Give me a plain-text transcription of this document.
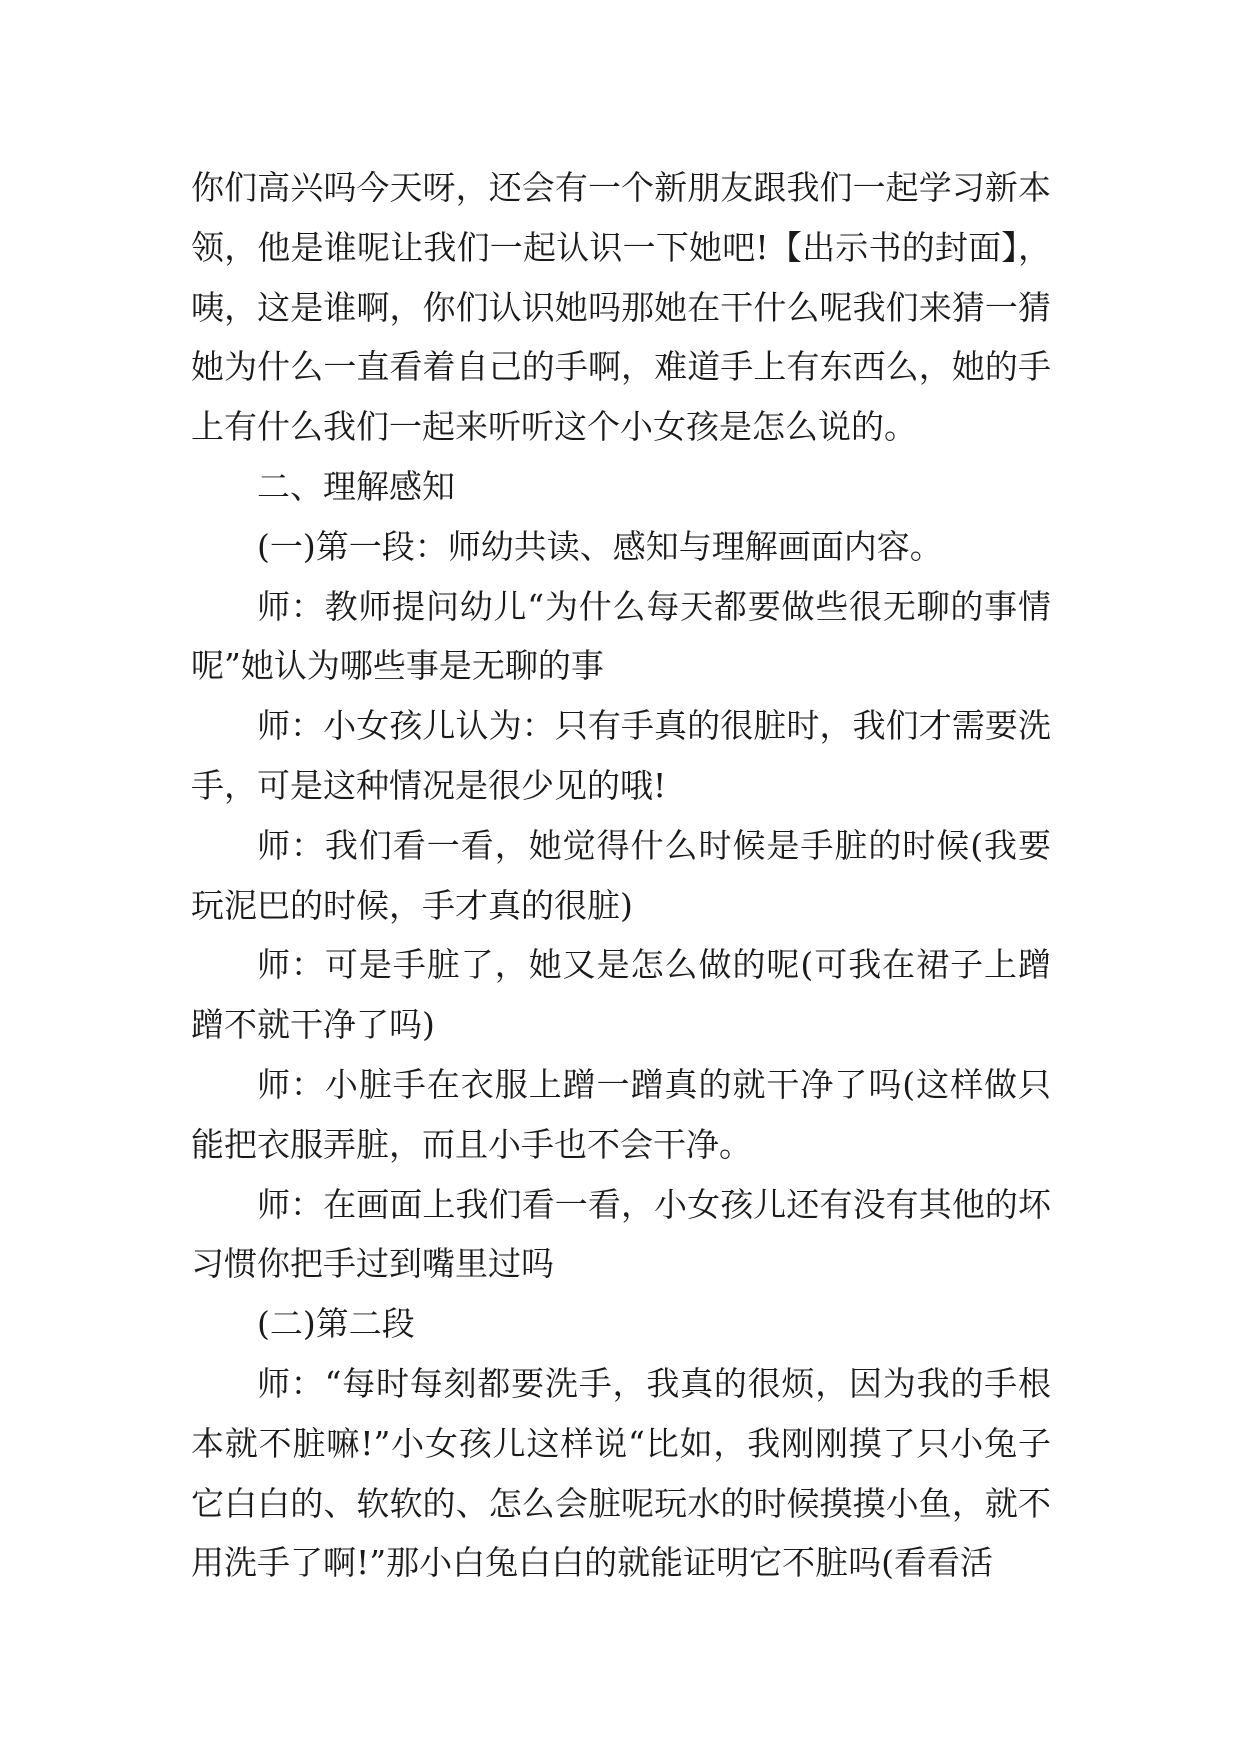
你们高兴吗今天呀，还会有一个新朋友跟我们一起学习新本领，他是谁呢让我们一起认识一下她吧!【出示书的封面】，咦，这是谁啊，你们认识她吗那她在干什么呢我们来猜一猜她为什么一直看着自己的手啊，难道手上有东西么，她的手上有什么我们一起来听听这个小女孩是怎么说的。

二、理解感知

(一)第一段：师幼共读、感知与理解画面内容。

师：教师提问幼儿“为什么每天都要做些很无聊的事情呢”她认为哪些事是无聊的事

师：小女孩儿认为：只有手真的很脏时，我们才需要洗手，可是这种情况是很少见的哦!

师：我们看一看，她觉得什么时候是手脏的时候(我要玩泥巴的时候，手才真的很脏)

师：可是手脏了，她又是怎么做的呢(可我在裙子上蹭蹭不就干净了吗)

师：小脏手在衣服上蹭一蹭真的就干净了吗(这样做只能把衣服弄脏，而且小手也不会干净。

师：在画面上我们看一看，小女孩儿还有没有其他的坏习惯你把手过到嘴里过吗

(二)第二段

师：“每时每刻都要洗手，我真的很烦，因为我的手根本就不脏嘛!”小女孩儿这样说“比如，我刚刚摸了只小兔子它白白的、软软的、怎么会脏呢玩水的时候摸摸小鱼，就不用洗手了啊!”那小白兔白白的就能证明它不脏吗(看看活
